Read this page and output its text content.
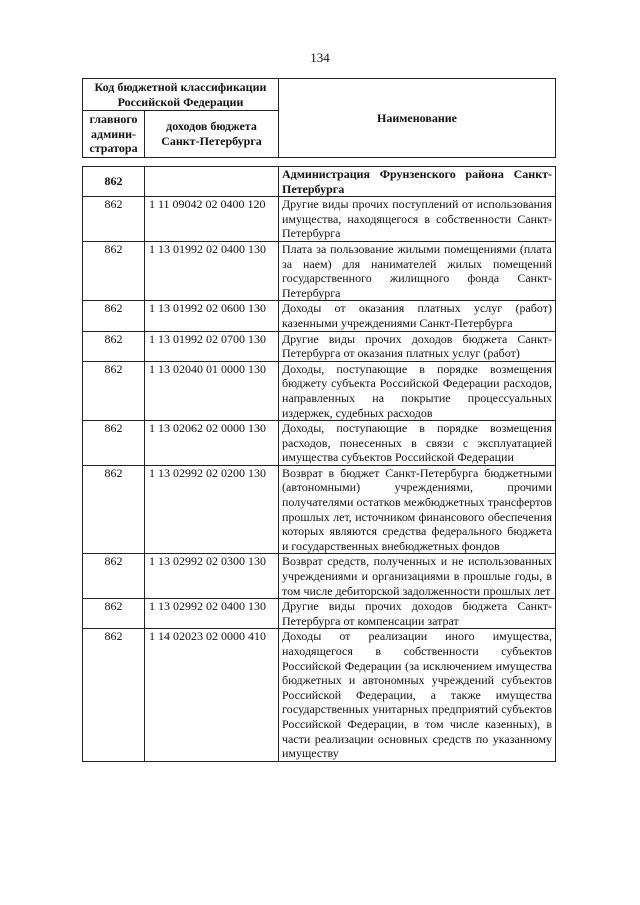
134
Код бюджетной классификации Российской Федерации		Наименование
главного админи-стратора	доходов бюджета Санкт-Петербурга	
862		Администрация Фрунзенского района Санкт-Петербурга
862	1 11 09042 02 0400 120	Другие виды прочих поступлений от использования имущества, находящегося в собственности Санкт-Петербурга
862	1 13 01992 02 0400 130	Плата за пользование жилыми помещениями (плата за наем) для нанимателей жилых помещений государственного жилищного фонда Санкт-Петербурга
862	1 13 01992 02 0600 130	Доходы от оказания платных услуг (работ) казенными учреждениями Санкт-Петербурга
862	1 13 01992 02 0700 130	Другие виды прочих доходов бюджета Санкт-Петербурга от оказания платных услуг (работ)
862	1 13 02040 01 0000 130	Доходы, поступающие в порядке возмещения бюджету субъекта Российской Федерации расходов, направленных на покрытие процессуальных издержек, судебных расходов
862	1 13 02062 02 0000 130	Доходы, поступающие в порядке возмещения расходов, понесенных в связи с эксплуатацией имущества субъектов Российской Федерации
862	1 13 02992 02 0200 130	Возврат в бюджет Санкт-Петербурга бюджетными (автономными) учреждениями, прочими получателями остатков межбюджетных трансфертов прошлых лет, источником финансового обеспечения которых являются средства федерального бюджета и государственных внебюджетных фондов
862	1 13 02992 02 0300 130	Возврат средств, полученных и не использованных учреждениями и организациями в прошлые годы, в том числе дебиторской задолженности прошлых лет
862	1 13 02992 02 0400 130	Другие виды прочих доходов бюджета Санкт-Петербурга от компенсации затрат
862	1 14 02023 02 0000 410	Доходы от реализации иного имущества, находящегося в собственности субъектов Российской Федерации (за исключением имущества бюджетных и автономных учреждений субъектов Российской Федерации, а также имущества государственных унитарных предприятий субъектов Российской Федерации, в том числе казенных), в части реализации основных средств по указанному имуществу
